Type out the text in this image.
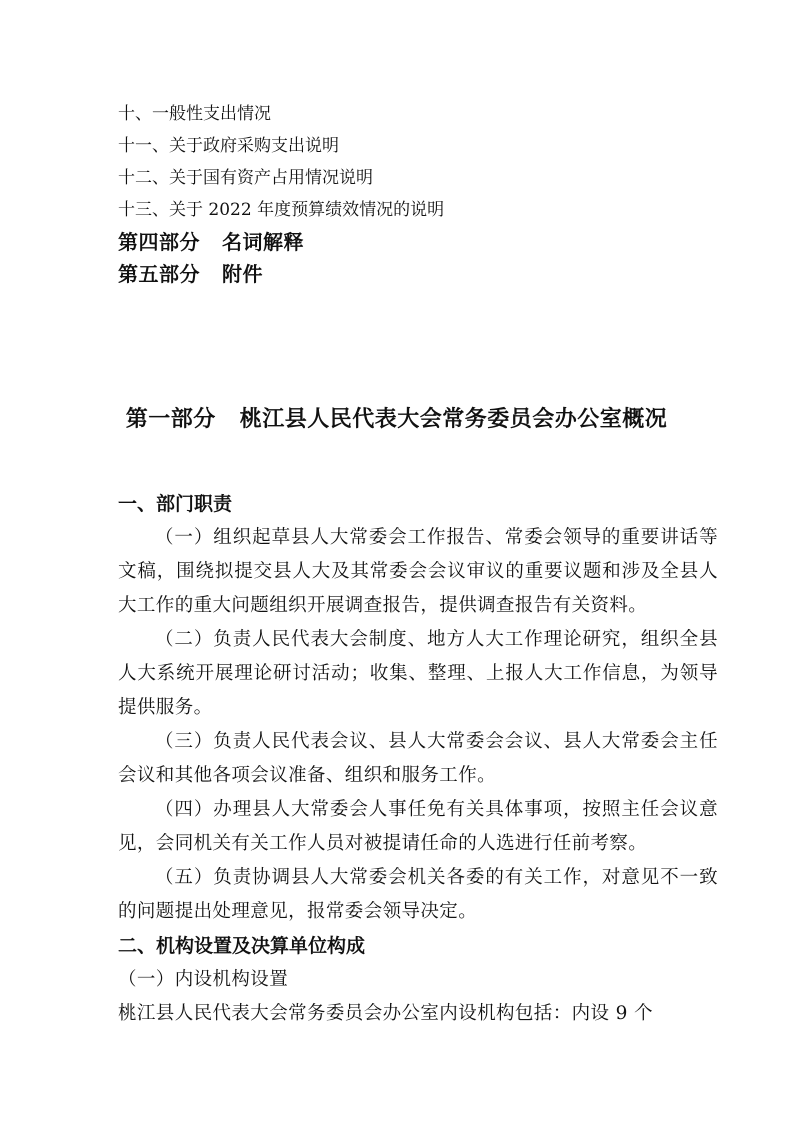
十、一般性支出情况
十一、关于政府采购支出说明
十二、关于国有资产占用情况说明
十三、关于 2022 年度预算绩效情况的说明
第四部分 名词解释
第五部分 附件
第一部分 桃江县人民代表大会常务委员会办公室概况
一、部门职责

（一）组织起草县人大常委会工作报告、常委会领导的重要讲话等文稿，围绕拟提交县人大及其常委会会议审议的重要议题和涉及全县人大工作的重大问题组织开展调查报告，提供调查报告有关资料。

（二）负责人民代表大会制度、地方人大工作理论研究，组织全县人大系统开展理论研讨活动；收集、整理、上报人大工作信息，为领导提供服务。

（三）负责人民代表会议、县人大常委会会议、县人大常委会主任会议和其他各项会议准备、组织和服务工作。

（四）办理县人大常委会人事任免有关具体事项，按照主任会议意见，会同机关有关工作人员对被提请任命的人选进行任前考察。

（五）负责协调县人大常委会机关各委的有关工作，对意见不一致的问题提出处理意见，报常委会领导决定。

二、机构设置及决算单位构成
（一）内设机构设置
桃江县人民代表大会常务委员会办公室内设机构包括：内设 9 个
